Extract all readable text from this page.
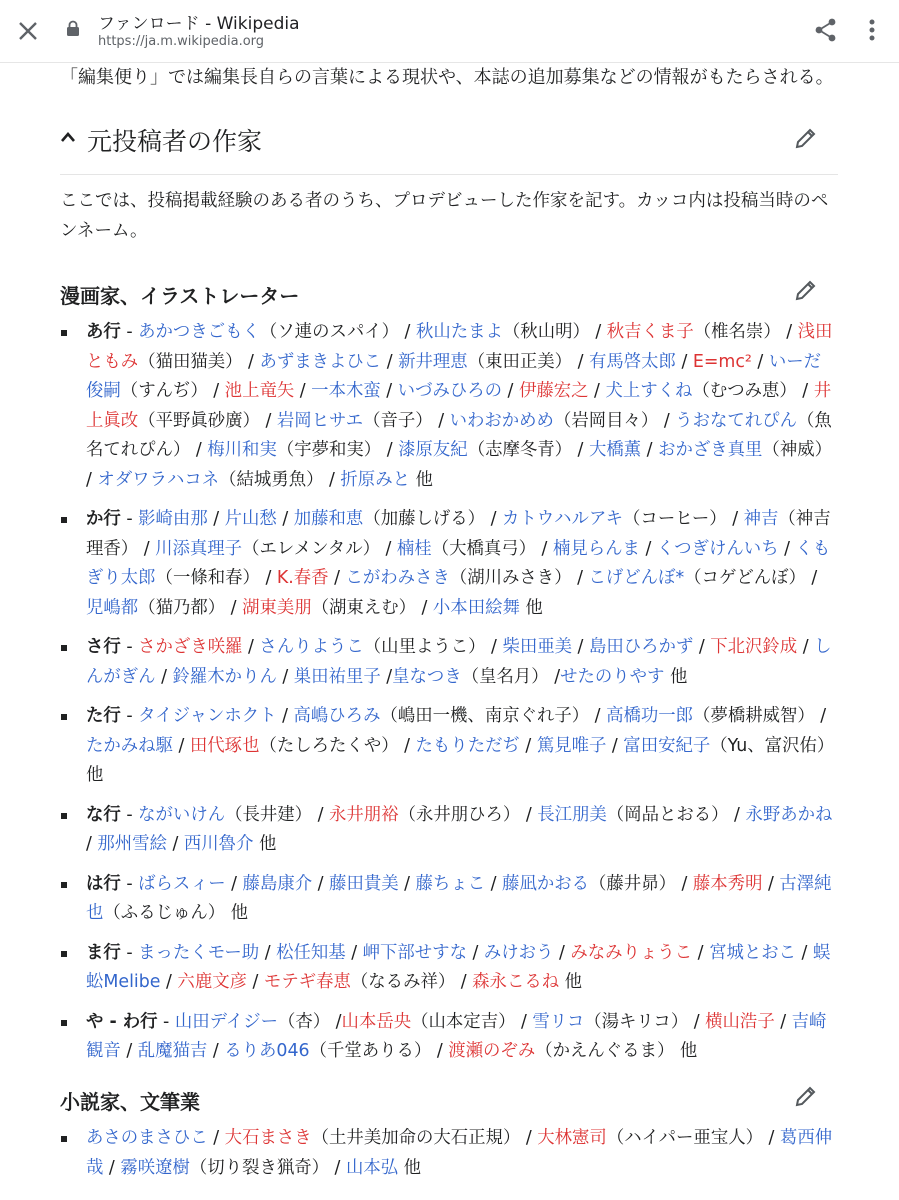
ファンロード - Wikipedia
https://ja.m.wikipedia.org
「編集便り」では編集長自らの言葉による現状や、本誌の追加募集などの情報がもたらされる。
元投稿者の作家

ここでは、投稿掲載経験のある者のうち、プロデビューした作家を記す。カッコ内は投稿当時のペンネーム。

漫画家、イラストレーター
あ行 - あかつきごもく（ソ連のスパイ） / 秋山たまよ（秋山明） / 秋吉くま子（椎名崇） / 浅田ともみ（猫田猫美） / あずまきよひこ / 新井理恵（東田正美） / 有馬啓太郎 / E=mc² / いーだ俊嗣（すんぢ） / 池上竜矢 / 一本木蛮 / いづみひろの / 伊藤宏之 / 犬上すくね（むつみ恵） / 井上眞改（平野眞砂廣） / 岩岡ヒサエ（音子） / いわおかめめ（岩岡目々） / うおなてれぴん（魚名てれぴん） / 梅川和実（宇夢和実） / 漆原友紀（志摩冬青） / 大橋薫 / おかざき真里（神威） / オダワラハコネ（結城勇魚） / 折原みと 他
か行 - 影崎由那 / 片山愁 / 加藤和恵（加藤しげる） / カトウハルアキ（コーヒー） / 神吉（神吉理香） / 川添真理子（エレメンタル） / 楠桂（大橋真弓） / 楠見らんま / くつぎけんいち / くもぎり太郎（一條和春） / K.春香 / こがわみさき（湖川みさき） / こげどんぼ*（コゲどんぼ） / 児嶋都（猫乃都） / 湖東美朋（湖東えむ） / 小本田絵舞 他
さ行 - さかざき咲羅 / さんりようこ（山里ようこ） / 柴田亜美 / 島田ひろかず / 下北沢鈴成 / しんがぎん / 鈴羅木かりん / 巣田祐里子 /皇なつき（皇名月） /せたのりやす 他
た行 - タイジャンホクト / 高嶋ひろみ（嶋田一機、南京ぐれ子） / 高橋功一郎（夢橋耕威智） / たかみね駆 / 田代琢也（たしろたくや） / たもりただぢ / 篤見唯子 / 富田安紀子（Yu、富沢佑） 他
な行 - ながいけん（長井建） / 永井朋裕（永井朋ひろ） / 長江朋美（岡品とおる） / 永野あかね / 那州雪絵 / 西川魯介 他
は行 - ばらスィー / 藤島康介 / 藤田貴美 / 藤ちょこ / 藤凪かおる（藤井昴） / 藤本秀明 / 古澤純也（ふるじゅん） 他
ま行 - まったくモー助 / 松任知基 / 岬下部せすな / みけおう / みなみりょうこ / 宮城とおこ / 蜈蚣Melibe / 六鹿文彦 / モテギ春恵（なるみ祥） / 森永こるね 他
や - わ行 - 山田デイジー（杏） /山本岳央（山本定吉） / 雪リコ（湯キリコ） / 横山浩子 / 吉崎観音 / 乱魔猫吉 / るりあ046（千堂ありる） / 渡瀬のぞみ（かえんぐるま） 他
小説家、文筆業
あさのまさひこ / 大石まさき（土井美加命の大石正規） / 大林憲司（ハイパー亜宝人） / 葛西伸哉 / 霧咲遼樹（切り裂き猟奇） / 山本弘 他
